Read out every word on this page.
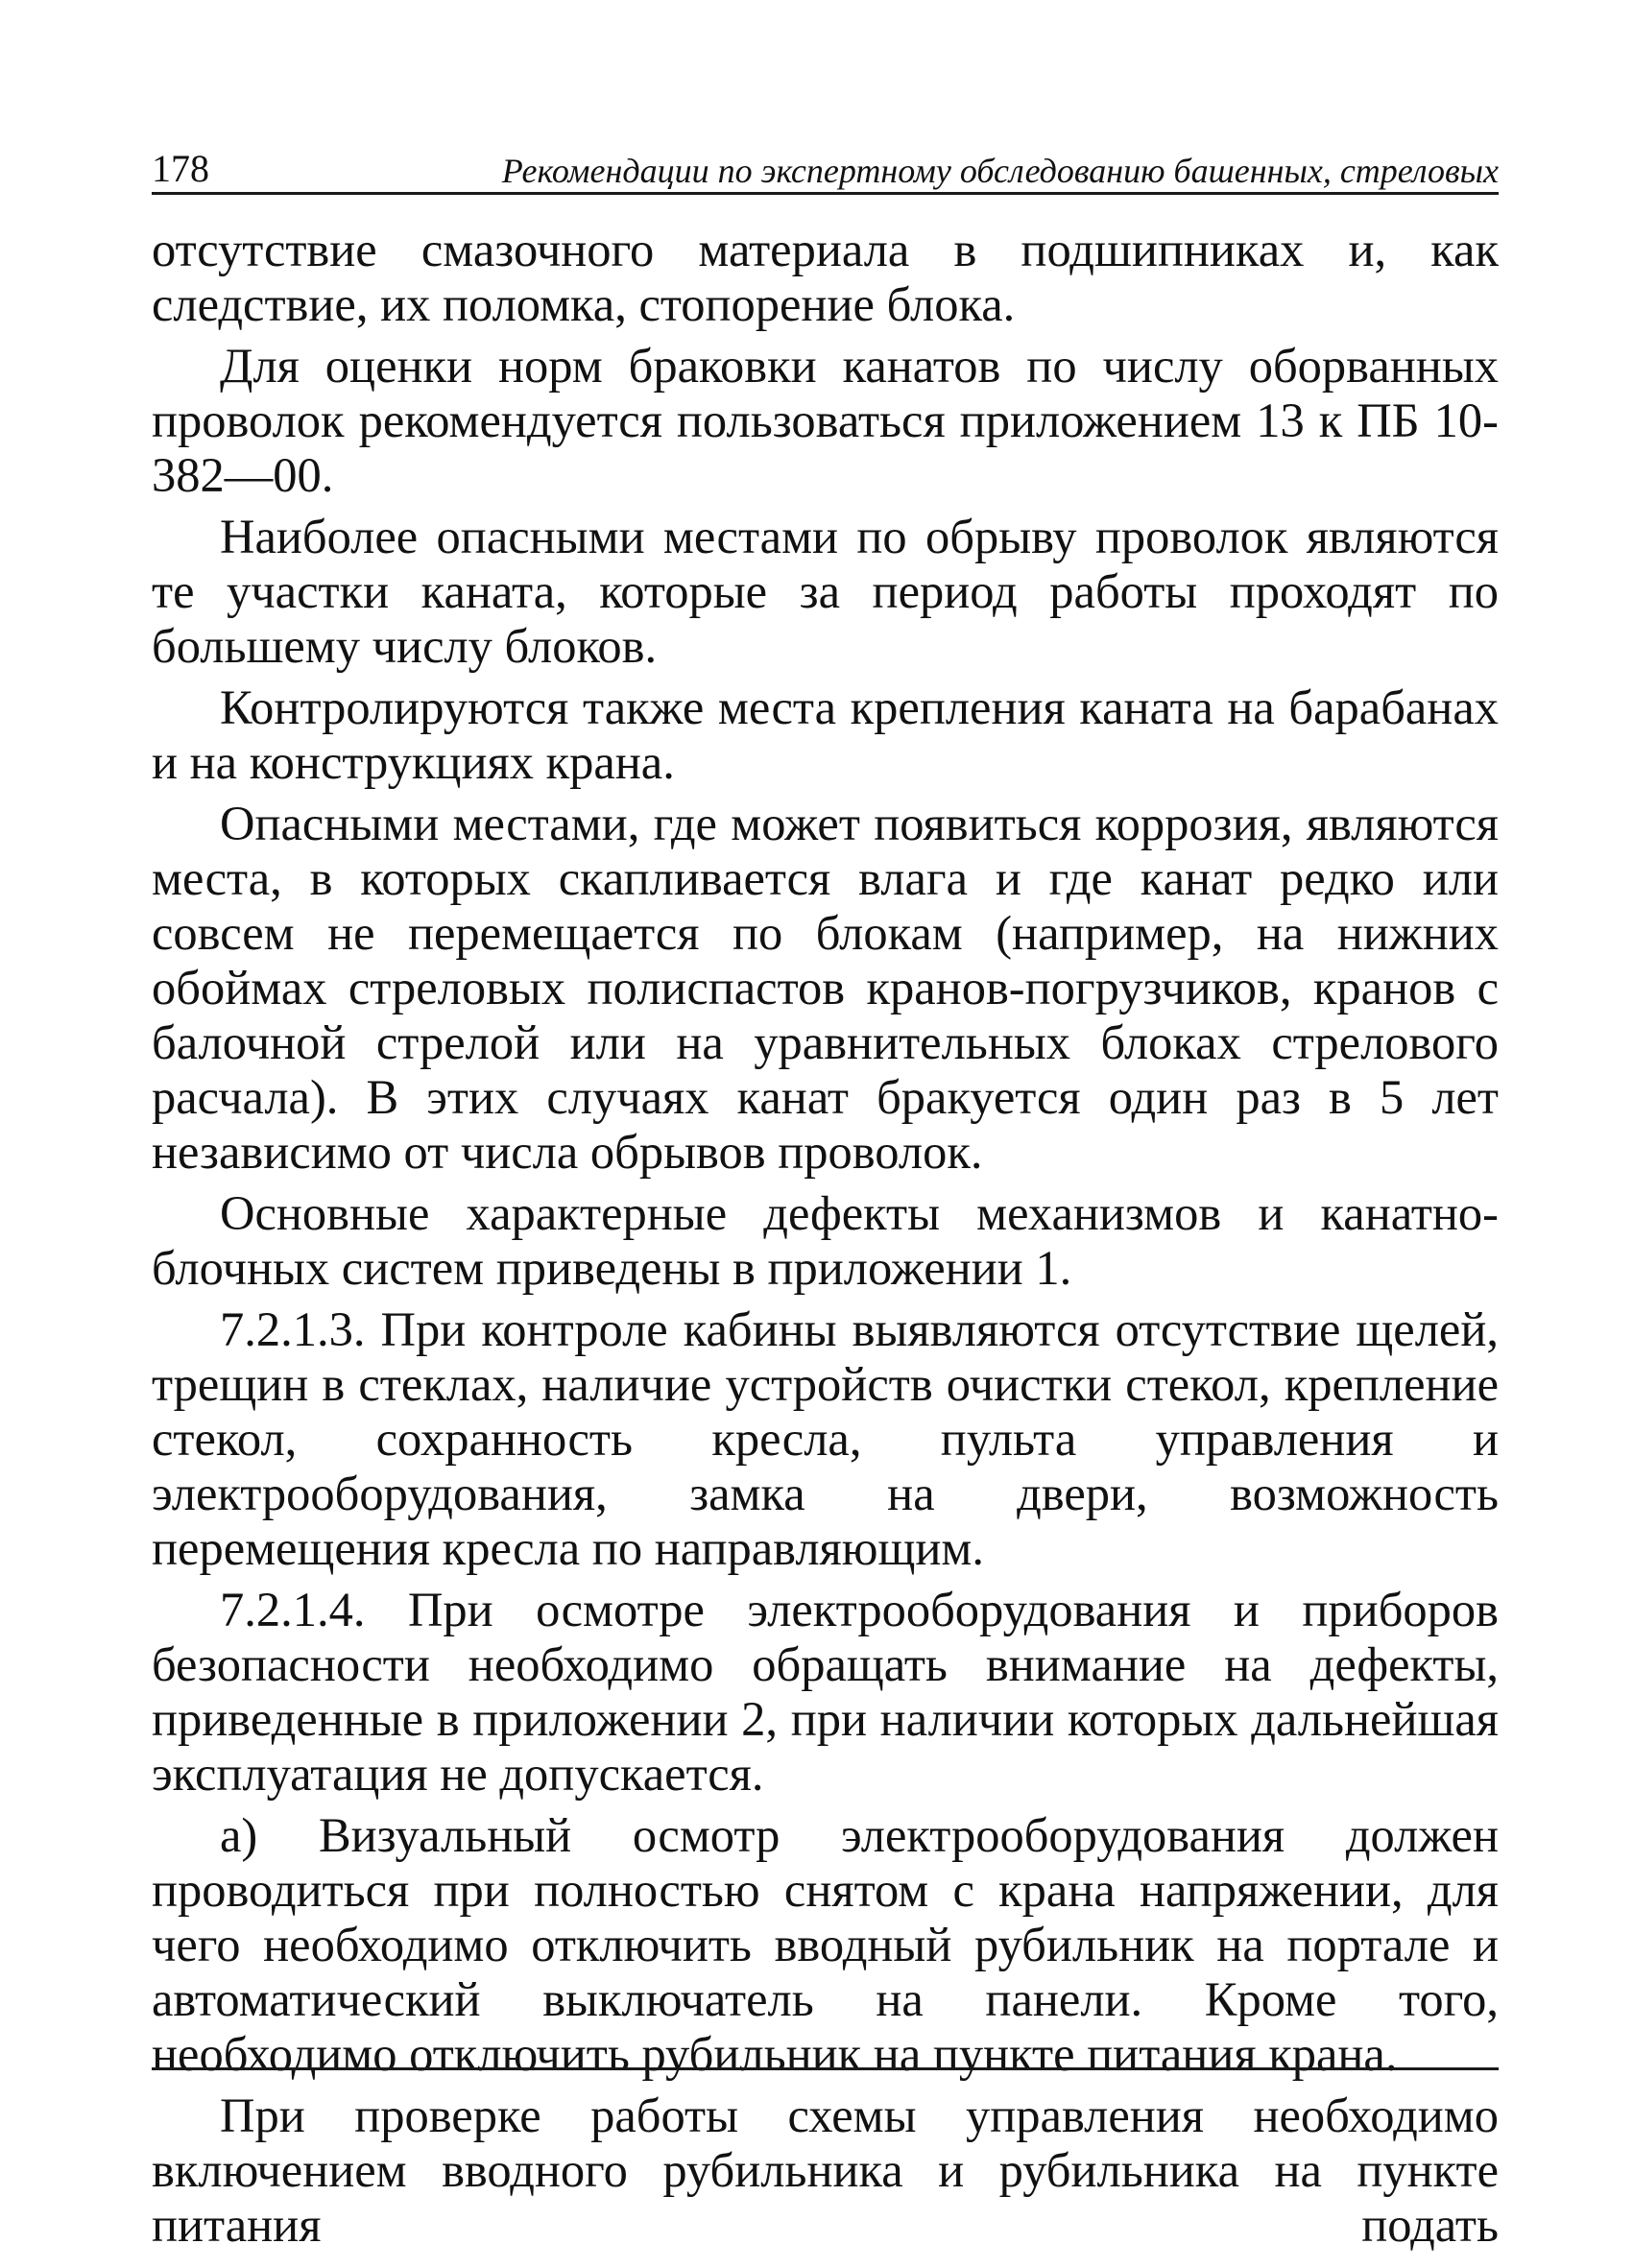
178	Рекомендации по экспертному обследованию башенных, стреловых

отсутствие смазочного материала в подшипниках и, как следствие, их поломка, стопорение блока.

Для оценки норм браковки канатов по числу оборванных проволок рекомендуется пользоваться приложением 13 к ПБ 10-382—00.

Наиболее опасными местами по обрыву проволок являются те участки каната, которые за период работы проходят по большему числу блоков.

Контролируются также места крепления каната на барабанах и на конструкциях крана.

Опасными местами, где может появиться коррозия, являются места, в которых скапливается влага и где канат редко или совсем не перемещается по блокам (например, на нижних обоймах стреловых полиспастов кранов-погрузчиков, кранов с балочной стрелой или на уравнительных блоках стрелового расчала). В этих случаях канат бракуется один раз в 5 лет независимо от числа обрывов проволок.

Основные характерные дефекты механизмов и канатно-блочных систем приведены в приложении 1.

7.2.1.3. При контроле кабины выявляются отсутствие щелей, трещин в стеклах, наличие устройств очистки стекол, крепление стекол, сохранность кресла, пульта управления и электрооборудования, замка на двери, возможность перемещения кресла по направляющим.

7.2.1.4. При осмотре электрооборудования и приборов безопасности необходимо обращать внимание на дефекты, приведенные в приложении 2, при наличии которых дальнейшая эксплуатация не допускается.

а) Визуальный осмотр электрооборудования должен проводиться при полностью снятом с крана напряжении, для чего необходимо отключить вводный рубильник на портале и автоматический выключатель на панели. Кроме того, необходимо отключить рубильник на пункте питания крана.

При проверке работы схемы управления необходимо включением вводного рубильника и рубильника на пункте питания подать
